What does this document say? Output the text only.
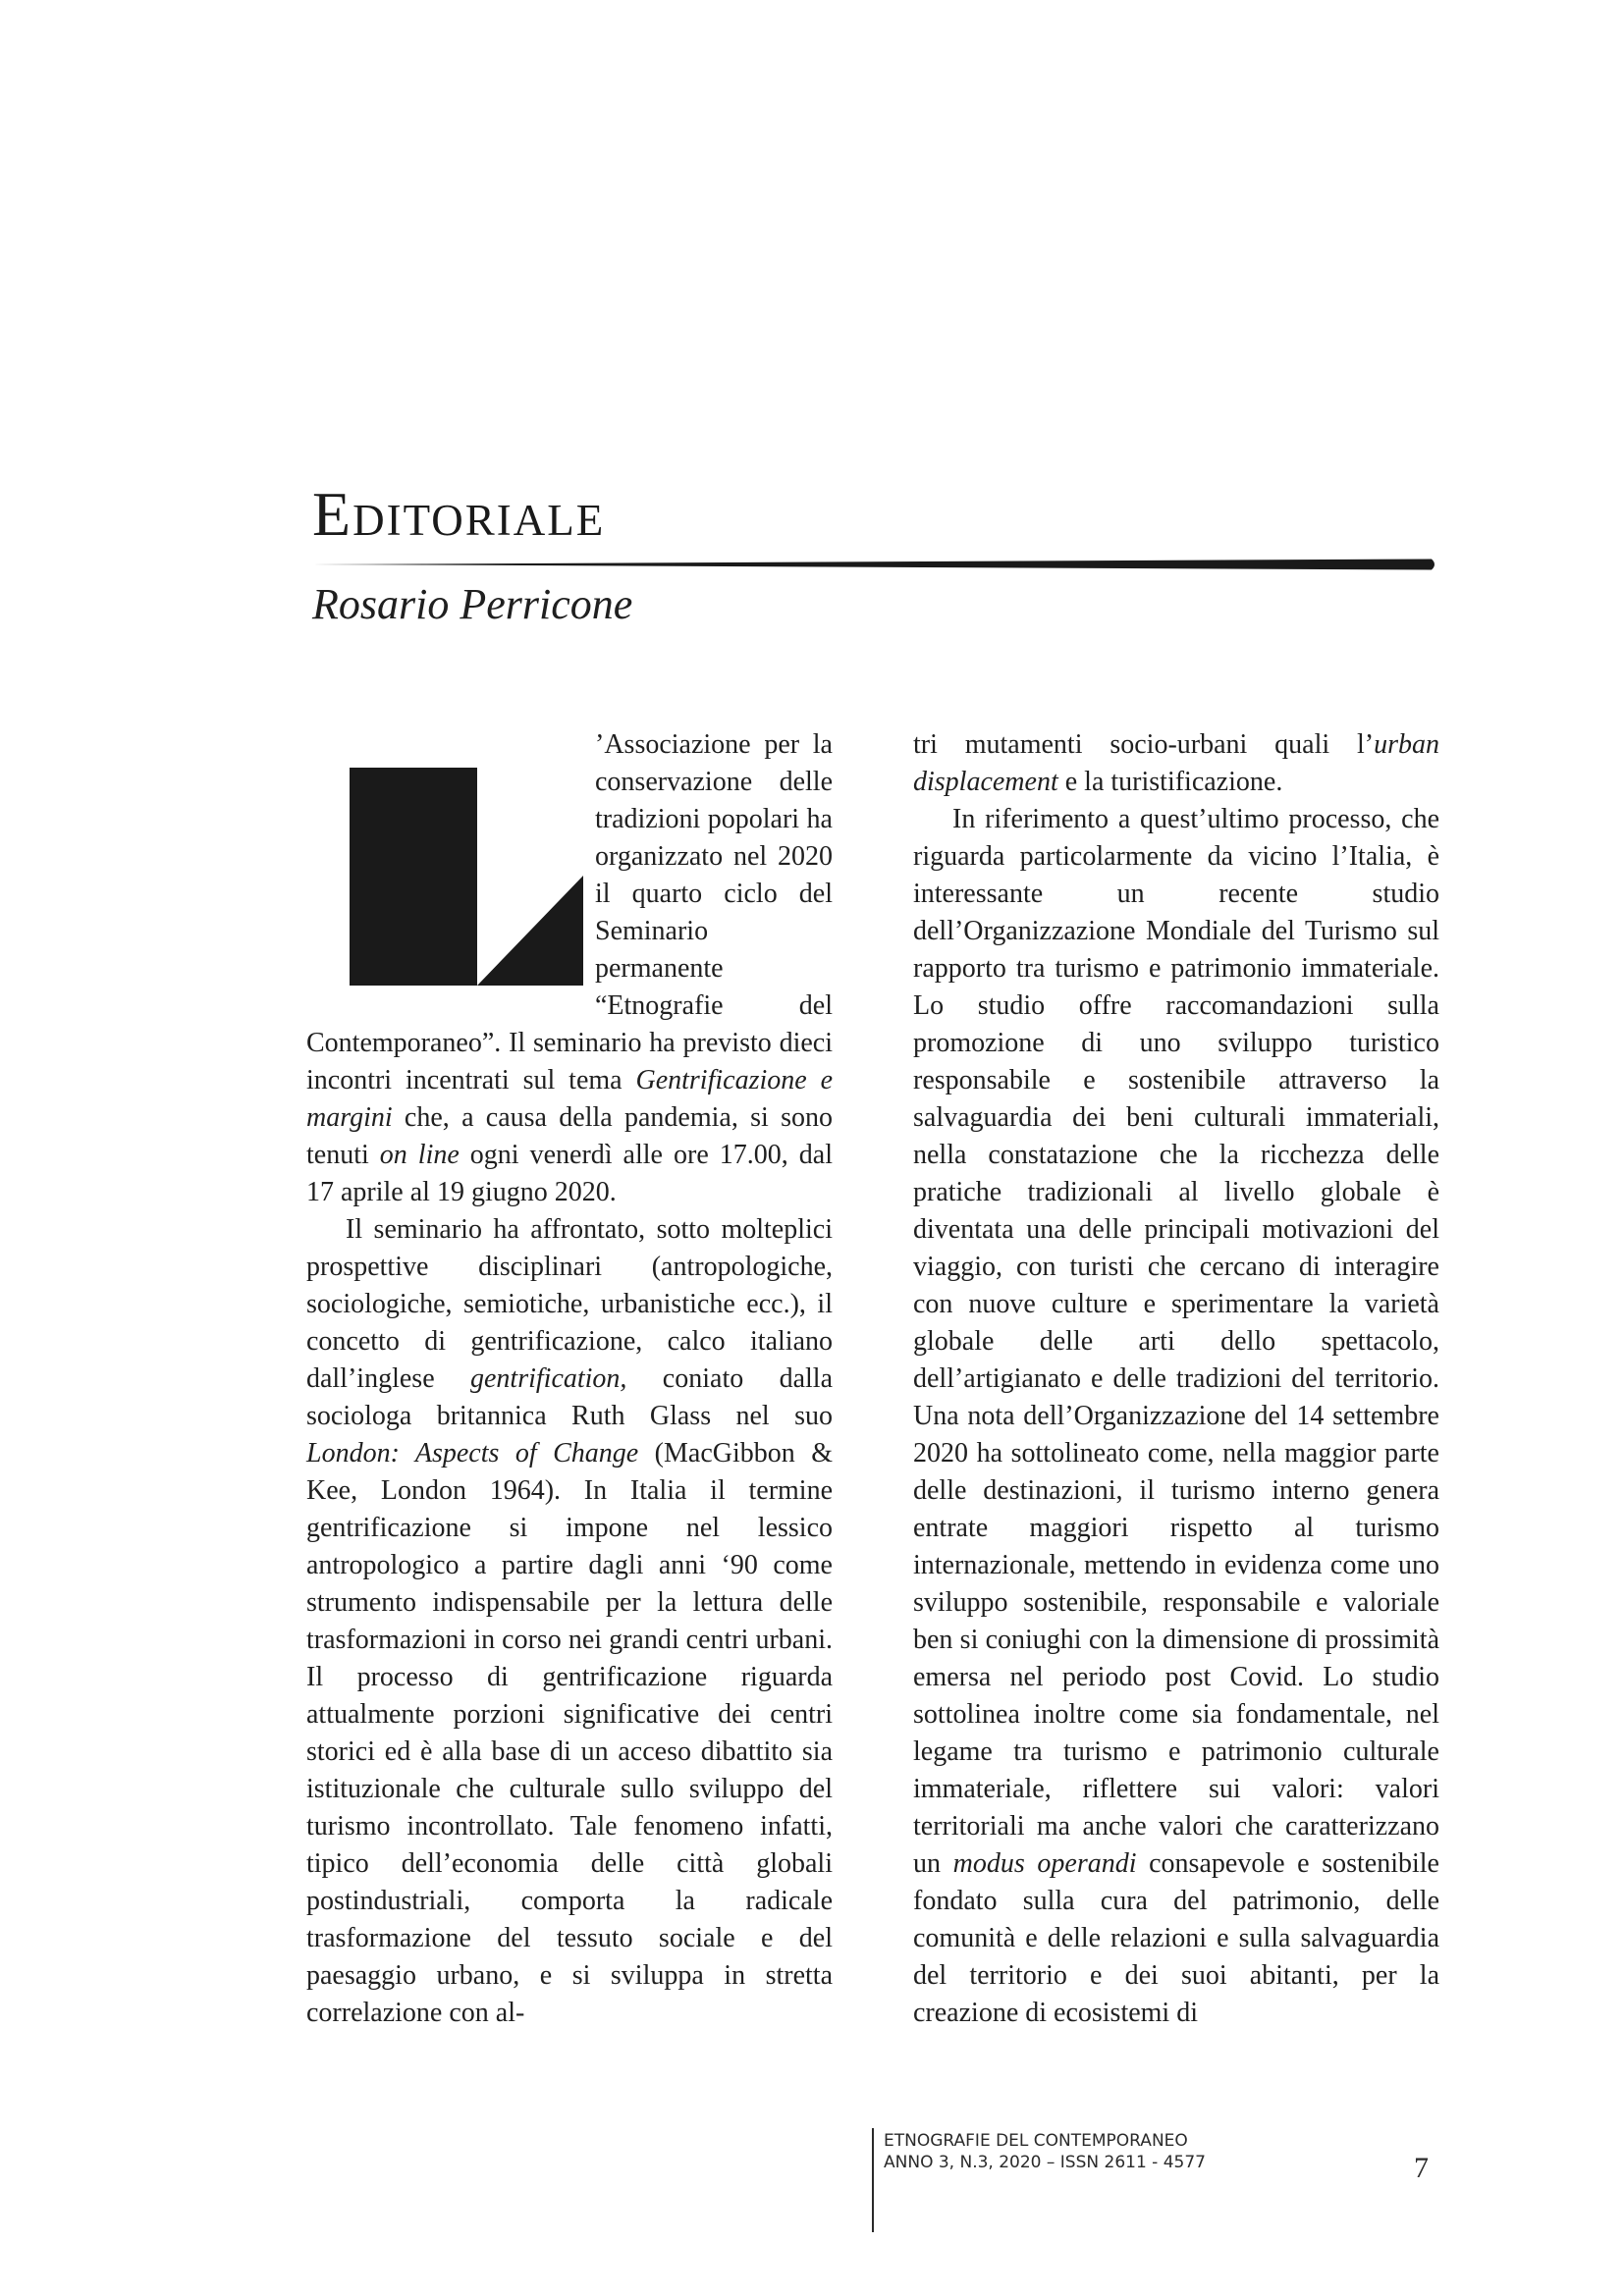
Editoriale
Rosario Perricone

’Associazione per la conservazione delle tradizioni popolari ha organizzato nel 2020 il quarto ciclo del Seminario permanente “Etnografie del Contemporaneo”. Il seminario ha previsto dieci incontri incentrati sul tema Gentrificazione e margini che, a causa della pandemia, si sono tenuti on line ogni venerdì alle ore 17.00, dal 17 aprile al 19 giugno 2020.

Il seminario ha affrontato, sotto molteplici prospettive disciplinari (antropologiche, sociologiche, semiotiche, urbanistiche ecc.), il concetto di gentrificazione, calco italiano dall’inglese gentrification, coniato dalla sociologa britannica Ruth Glass nel suo London: Aspects of Change (MacGibbon & Kee, London 1964). In Italia il termine gentrificazione si impone nel lessico antropologico a partire dagli anni ‘90 come strumento indispensabile per la lettura delle trasformazioni in corso nei grandi centri urbani. Il processo di gentrificazione riguarda attualmente porzioni significative dei centri storici ed è alla base di un acceso dibattito sia istituzionale che culturale sullo sviluppo del turismo incontrollato. Tale fenomeno infatti, tipico dell’economia delle città globali postindustriali, comporta la radicale trasformazione del tessuto sociale e del paesaggio urbano, e si sviluppa in stretta correlazione con al-

tri mutamenti socio-urbani quali l’urban displacement e la turistificazione.

In riferimento a quest’ultimo processo, che riguarda particolarmente da vicino l’Italia, è interessante un recente studio dell’Organizzazione Mondiale del Turismo sul rapporto tra turismo e patrimonio immateriale. Lo studio offre raccomandazioni sulla promozione di uno sviluppo turistico responsabile e sostenibile attraverso la salvaguardia dei beni culturali immateriali, nella constatazione che la ricchezza delle pratiche tradizionali al livello globale è diventata una delle principali motivazioni del viaggio, con turisti che cercano di interagire con nuove culture e sperimentare la varietà globale delle arti dello spettacolo, dell’artigianato e delle tradizioni del territorio. Una nota dell’Organizzazione del 14 settembre 2020 ha sottolineato come, nella maggior parte delle destinazioni, il turismo interno genera entrate maggiori rispetto al turismo internazionale, mettendo in evidenza come uno sviluppo sostenibile, responsabile e valoriale ben si coniughi con la dimensione di prossimità emersa nel periodo post Covid. Lo studio sottolinea inoltre come sia fondamentale, nel legame tra turismo e patrimonio culturale immateriale, riflettere sui valori: valori territoriali ma anche valori che caratterizzano un modus operandi consapevole e sostenibile fondato sulla cura del patrimonio, delle comunità e delle relazioni e sulla salvaguardia del territorio e dei suoi abitanti, per la creazione di ecosistemi di

ETNOGRAFIE DEL CONTEMPORANEO
ANNO 3, N.3, 2020 – ISSN 2611 - 4577	7
